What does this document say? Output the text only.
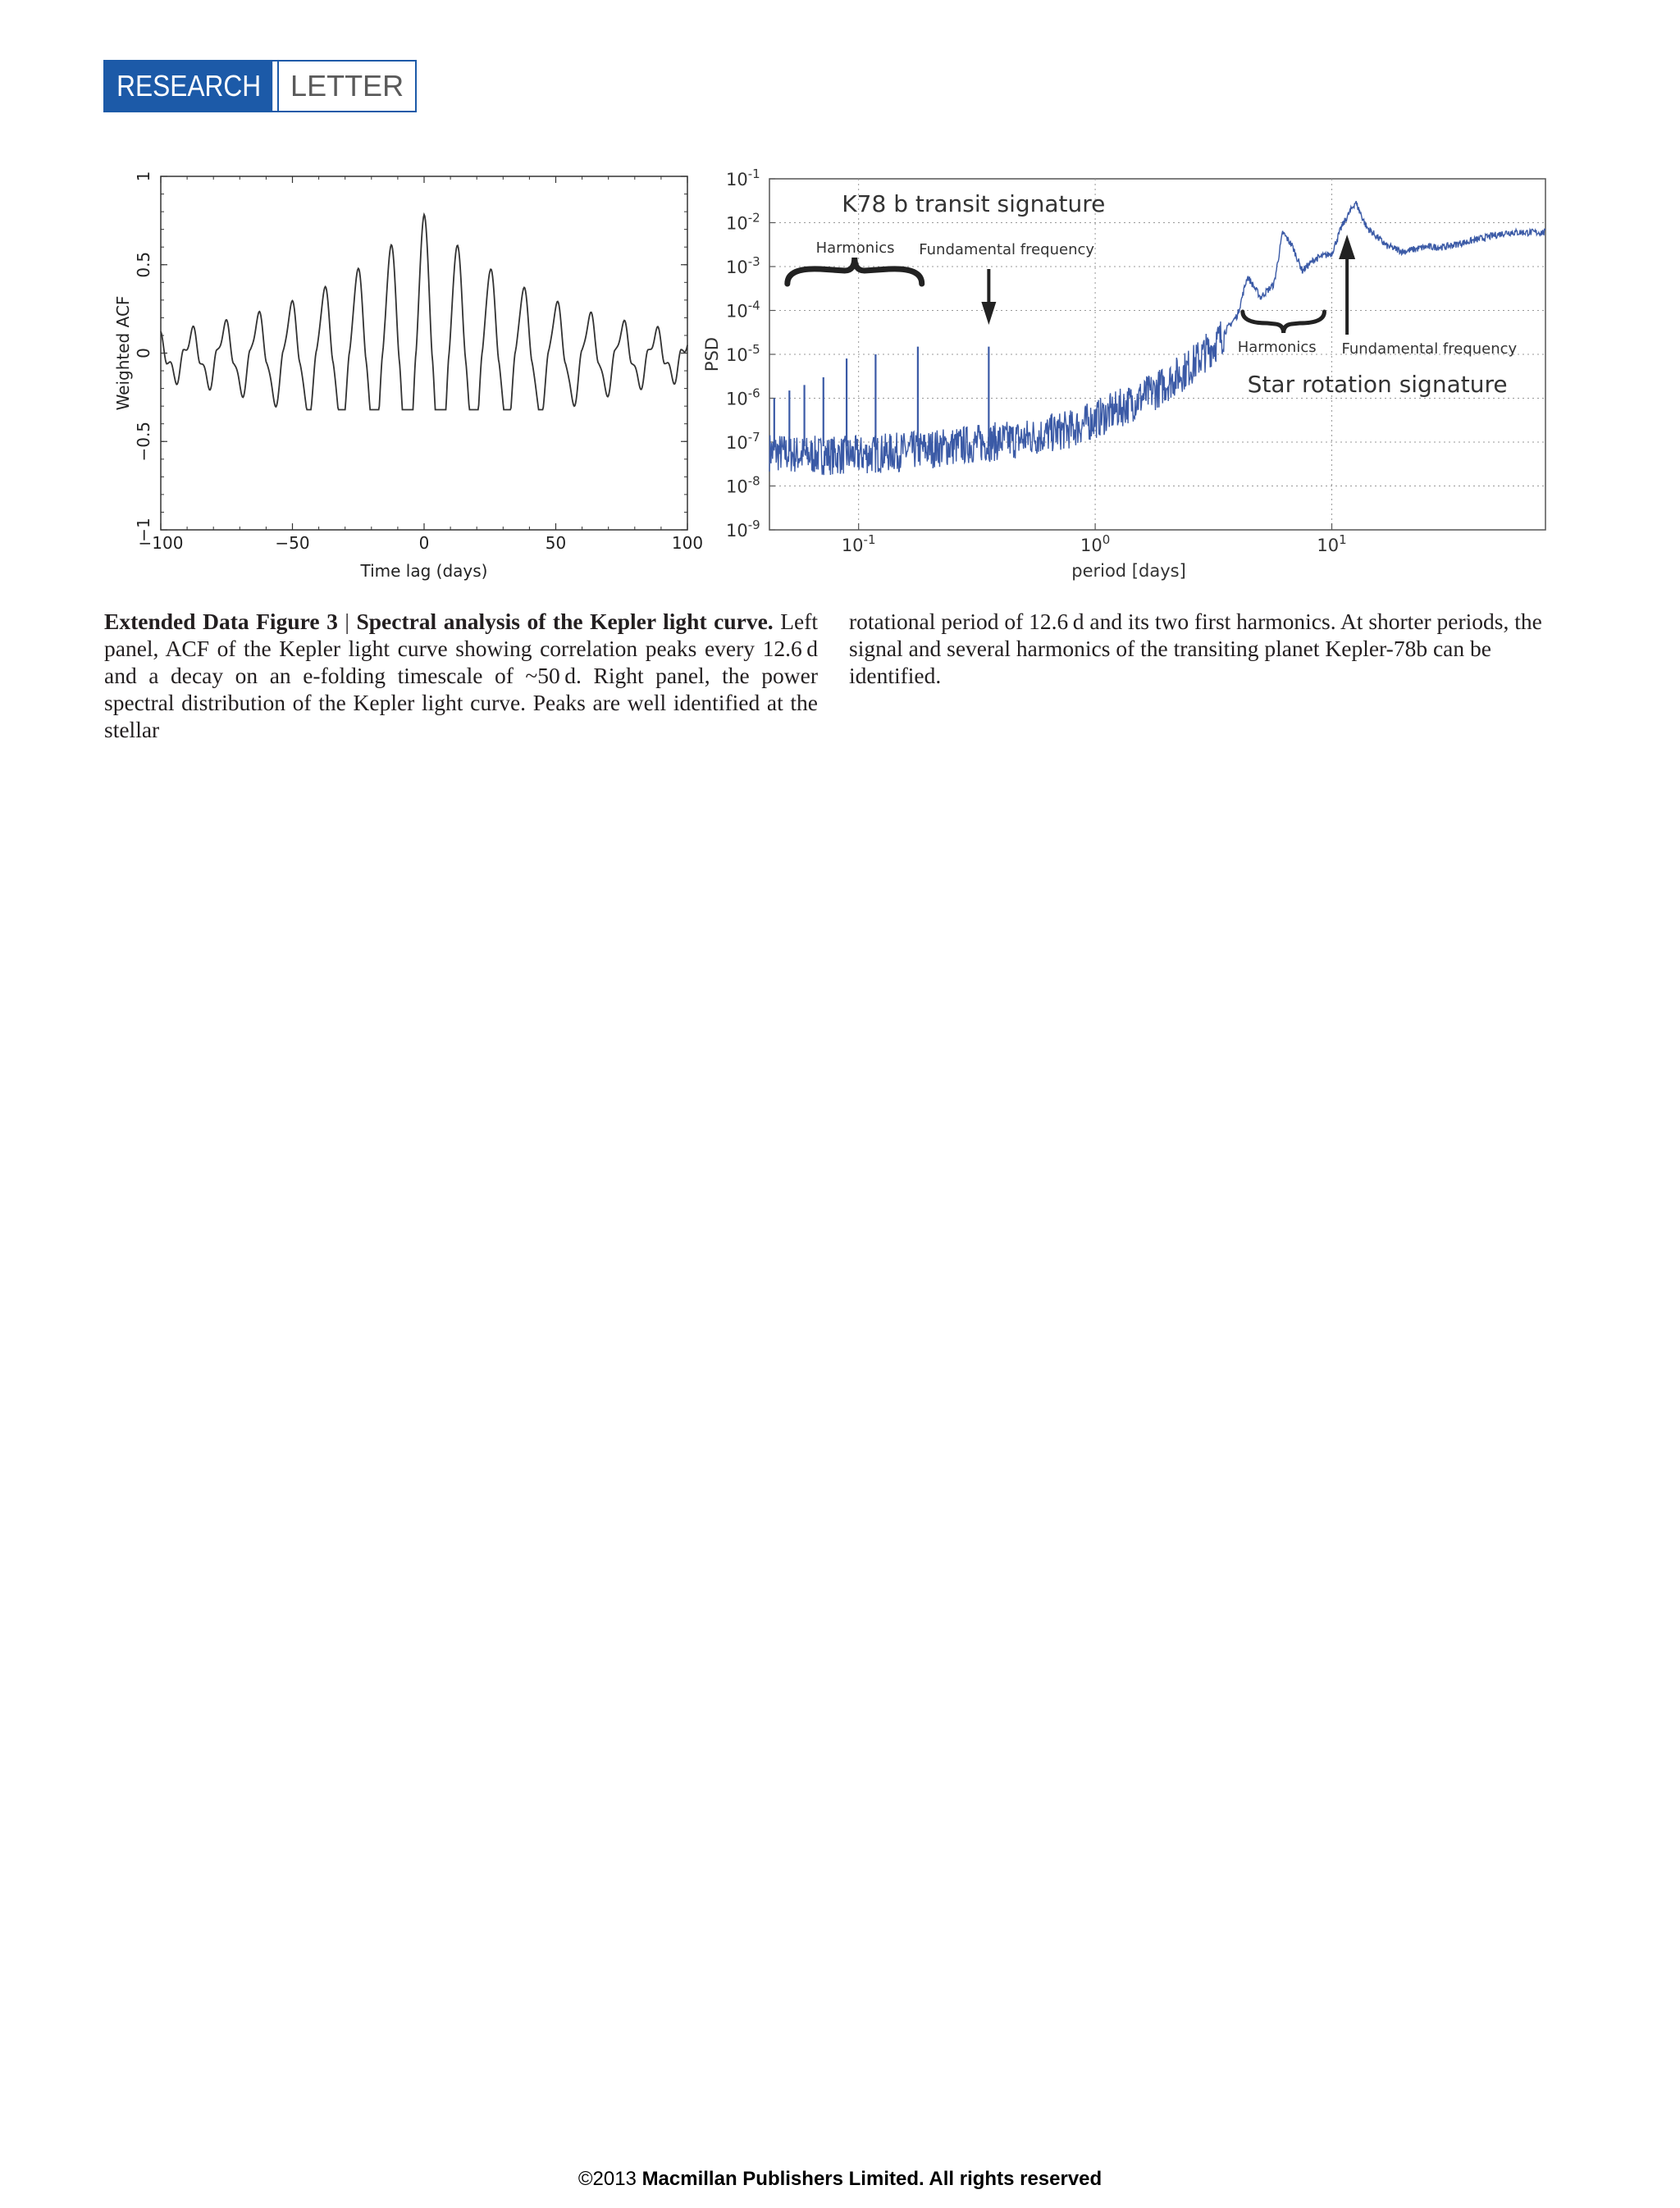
RESEARCH LETTER
−100	−50	0	50	100
−1
−0.5
0
0.5
1
Time lag (days)
Weighted ACF
$10^{-9}$
$10^{-8}$
$10^{-7}$
$10^{-6}$
$10^{-5}$
$10^{-4}$
$10^{-3}$
$10^{-2}$
$10^{-1}$
$10^{-1}$	$10^0$	$10^1$
period [days]
PSD
K78 b transit signature
Harmonics Fundamental frequency
Harmonics Fundamental frequency
Star rotation signature
Extended Data Figure 3 | Spectral analysis of the Kepler light curve. Left panel, ACF of the Kepler light curve showing correlation peaks every 12.6 d and a decay on an e-folding timescale of ~50 d. Right panel, the power spectral distribution of the Kepler light curve. Peaks are well identified at the stellar
rotational period of 12.6 d and its two first harmonics. At shorter periods, the signal and several harmonics of the transiting planet Kepler-78b can be identified.
©2013 Macmillan Publishers Limited. All rights reserved
